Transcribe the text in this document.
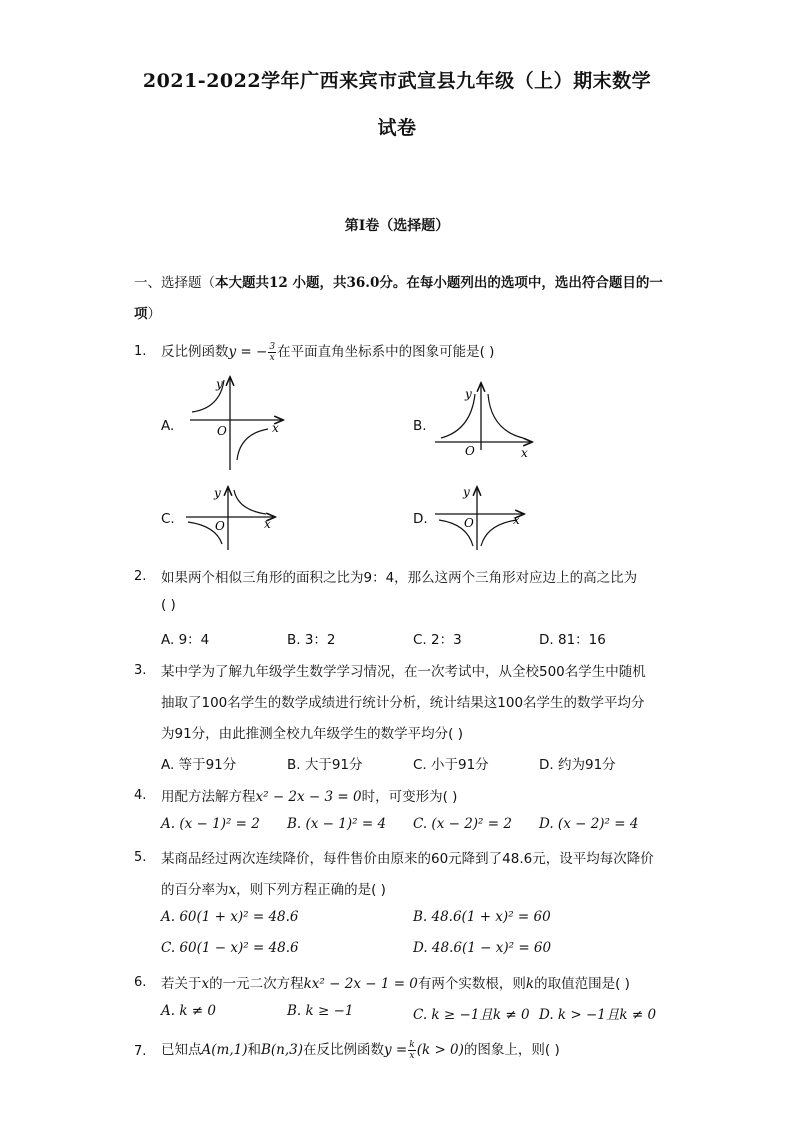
2021-2022学年广西来宾市武宣县九年级（上）期末数学
试卷
第Ⅰ卷（选择题）
一、选择题（本大题共12 小题，共36.0分。在每小题列出的选项中，选出符合题目的一项）
1. 反比例函数y = − $\frac{3}{x}$ 在平面直角坐标系中的图象可能是( )
A.
y
x
O	B.
y
x
O
C.
y
x
O	D.
y
x
O
2. 如果两个相似三角形的面积之比为9：4，那么这两个三角形对应边上的高之比为
( )
A. 9：4	B. 3：2	C. 2：3	D. 81：16
3. 某中学为了解九年级学生数学学习情况，在一次考试中，从全校500名学生中随机
抽取了100名学生的数学成绩进行统计分析，统计结果这100名学生的数学平均分
为91分，由此推测全校九年级学生的数学平均分( )
A. 等于91分	B. 大于91分	C. 小于91分	D. 约为91分
4. 用配方法解方程x² − 2x − 3 = 0时，可变形为( )
A. (x − 1)² = 2 B. (x − 1)² = 4 C. (x − 2)² = 2 D. (x − 2)² = 4
5. 某商品经过两次连续降价，每件售价由原来的60元降到了48.6元，设平均每次降价
的百分率为x，则下列方程正确的是( )
A. 60(1 + x)² = 48.6	B. 48.6(1 + x)² = 60
C. 60(1 − x)² = 48.6	D. 48.6(1 − x)² = 60
6. 若关于x的一元二次方程kx² − 2x − 1 = 0有两个实数根，则k的取值范围是( )
A. k ≠ 0	B. k ≥ −1	C. k ≥ −1且k ≠ 0 D. k > −1且k ≠ 0
7. 已知点A(m,1)和B(n,3)在反比例函数$y = \frac{k}{x} (k > 0)$的图象上，则( )
